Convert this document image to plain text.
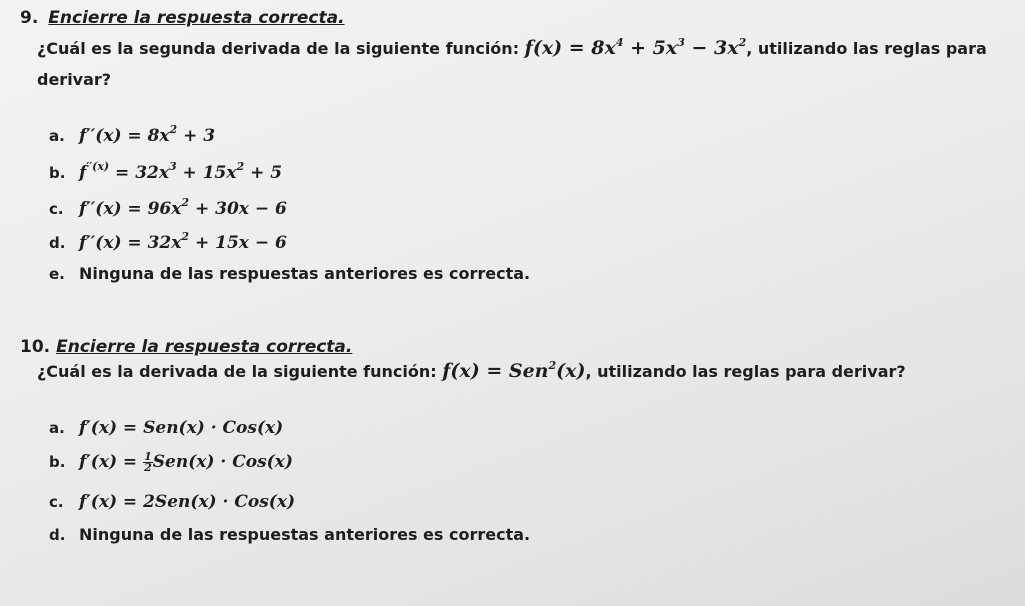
9. Encierre la respuesta correcta.
¿Cuál es la segunda derivada de la siguiente función: $f(x) = 8x^4 + 5x^3 - 3x^2$, utilizando las reglas para
derivar?
a. $f''(x) = 8x^2 + 3$
b. $f^{''(x)} = 32x^3 + 15x^2 + 5$
c. $f''(x) = 96x^2 + 30x - 6$
d. $f''(x) = 32x^2 + 15x - 6$
e. Ninguna de las respuestas anteriores es correcta.
10. Encierre la respuesta correcta.
¿Cuál es la derivada de la siguiente función: f(x) = Sen$^2$(x), utilizando las reglas para derivar?
a. f′(x) = Sen(x) · Cos(x)
b. $f'(x) = \frac{1}{2} Sen(x) \cdot Cos(x)$
c. f′(x) = 2Sen(x) · Cos(x)
d. Ninguna de las respuestas anteriores es correcta.
